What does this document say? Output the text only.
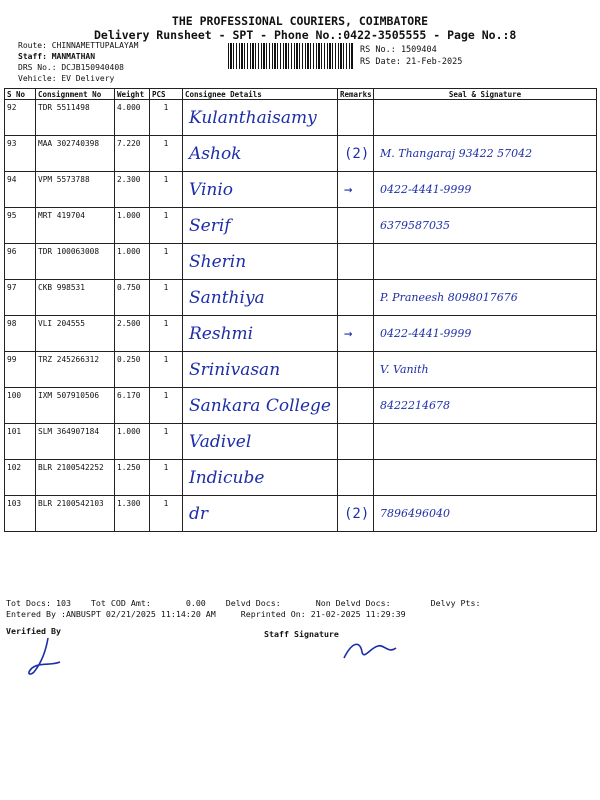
THE PROFESSIONAL COURIERS, COIMBATORE
Delivery Runsheet - SPT - Phone No.:0422-3505555 - Page No.:8
Route: CHINNAMETTUPALAYAM
Staff: MANMATHAN
DRS No.: DCJB150940408
Vehicle: EV Delivery
RS No.: 1509404
RS Date: 21-Feb-2025
S No	Consignment No	Weight	PCS	Consignee Details	Remarks	Seal & Signature
92	TDR 5511498	4.000	1	Kulanthaisamy		
93	MAA 302740398	7.220	1	Ashok	(2)	M. Thangaraj 93422 57042
94	VPM 5573788	2.300	1	Vinio	→	0422-4441-9999
95	MRT 419704	1.000	1	Serif		6379587035
96	TDR 100063008	1.000	1	Sherin		
97	CKB 998531	0.750	1	Santhiya		P. Praneesh 8098017676
98	VLI 204555	2.500	1	Reshmi	→	0422-4441-9999
99	TRZ 245266312	0.250	1	Srinivasan		V. Vanith
100	IXM 507910506	6.170	1	Sankara College		8422214678
101	SLM 364907184	1.000	1	Vadivel		
102	BLR 2100542252	1.250	1	Indicube		
103	BLR 2100542103	1.300	1	dr	(2)	7896496040
Tot Docs: 103    Tot COD Amt:       0.00    Delvd Docs:       Non Delvd Docs:        Delvy Pts:
Entered By :ANBUSPT 02/21/2025 11:14:20 AM     Reprinted On: 21-02-2025 11:29:39
Verified By	Staff Signature
